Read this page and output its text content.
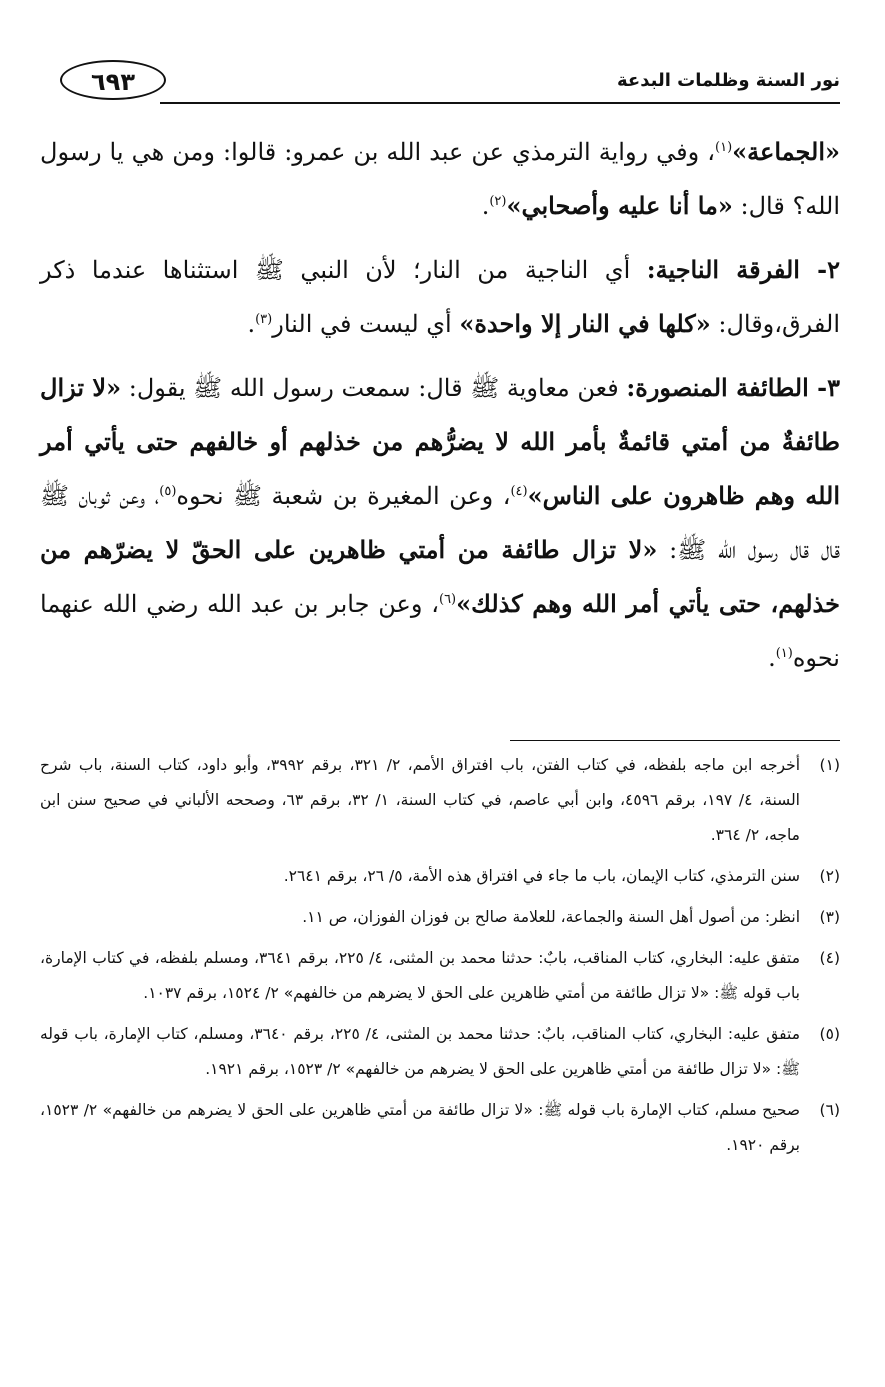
نور السنة وظلمات البدعة
٦٩٣

«الجماعة»$^{(١)}$، وفي رواية الترمذي عن عبد الله بن عمرو: قالوا: ومن هي يا رسول الله؟ قال: «ما أنا عليه وأصحابي»$^{(٢)}$.

٢- الفرقة الناجية: أي الناجية من النار؛ لأن النبي ﷺ استثناها عندما ذكر الفرق،وقال: «كلها في النار إلا واحدة» أي ليست في النار$^{(٣)}$.

٣- الطائفة المنصورة: فعن معاوية ﷺ قال: سمعت رسول الله ﷺ يقول: «لا تزال طائفةٌ من أمتي قائمةٌ بأمر الله لا يضرُّهم من خذلهم أو خالفهم حتى يأتي أمر الله وهم ظاهرون على الناس»$^{(٤)}$، وعن المغيرة بن شعبة ﷺ نحوه$^{(٥)}$، وعن ثوبان ﷺ قال قال رسول الله ﷺ: «لا تزال طائفة من أمتي ظاهرين على الحقّ لا يضرّهم من خذلهم، حتى يأتي أمر الله وهم كذلك»$^{(٦)}$، وعن جابر بن عبد الله رضي الله عنهما نحوه$^{(١)}$.

(١)
أخرجه ابن ماجه بلفظه، في كتاب الفتن، باب افتراق الأمم، ٢/ ٣٢١، برقم ٣٩٩٢، وأبو داود، كتاب السنة، باب شرح السنة، ٤/ ١٩٧، برقم ٤٥٩٦، وابن أبي عاصم، في كتاب السنة، ١/ ٣٢، برقم ٦٣، وصححه الألباني في صحيح سنن ابن ماجه، ٢/ ٣٦٤.
(٢)
سنن الترمذي، كتاب الإيمان، باب ما جاء في افتراق هذه الأمة، ٥/ ٢٦، برقم ٢٦٤١.
(٣)
انظر: من أصول أهل السنة والجماعة، للعلامة صالح بن فوزان الفوزان، ص ١١.
(٤)
متفق عليه: البخاري، كتاب المناقب، بابٌ: حدثنا محمد بن المثنى، ٤/ ٢٢٥، برقم ٣٦٤١، ومسلم بلفظه، في كتاب الإمارة، باب قوله ﷺ: «لا تزال طائفة من أمتي ظاهرين على الحق لا يضرهم من خالفهم» ٢/ ١٥٢٤، برقم ١٠٣٧.
(٥)
متفق عليه: البخاري، كتاب المناقب، بابٌ: حدثنا محمد بن المثنى، ٤/ ٢٢٥، برقم ٣٦٤٠، ومسلم، كتاب الإمارة، باب قوله ﷺ: «لا تزال طائفة من أمتي ظاهرين على الحق لا يضرهم من خالفهم» ٢/ ١٥٢٣، برقم ١٩٢١.
(٦)
صحيح مسلم، كتاب الإمارة باب قوله ﷺ: «لا تزال طائفة من أمتي ظاهرين على الحق لا يضرهم من خالفهم» ٢/ ١٥٢٣، برقم ١٩٢٠.
